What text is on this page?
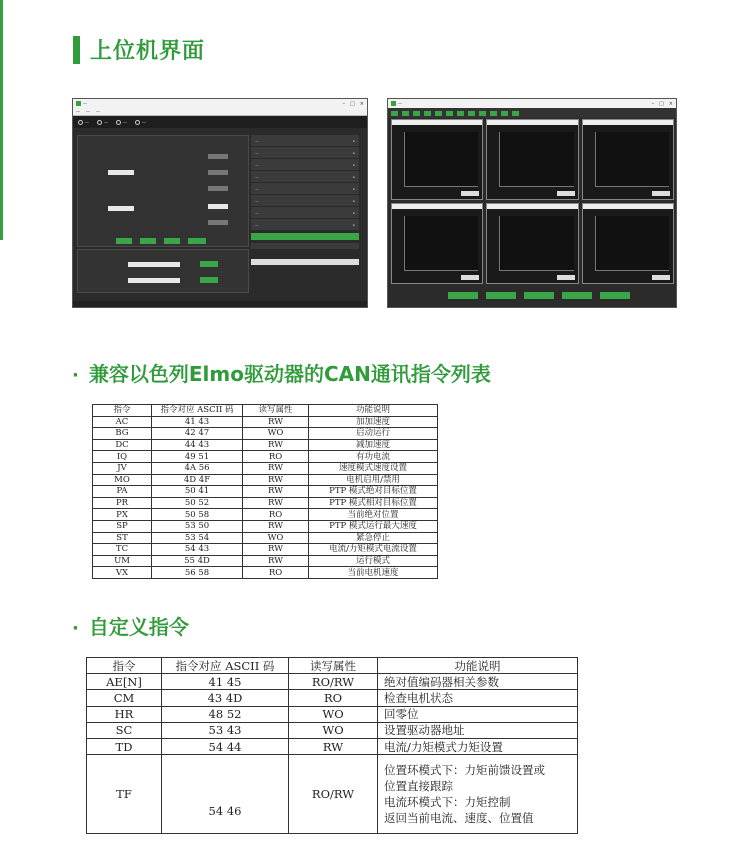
上位机界面
—	– □ ×
— — —
—	—	—	—
—	▸
—	▸
—	▸
—	▸
—	▸
—	▸
—	▸
—	▸
—	– □ ×
· 兼容以色列Elmo驱动器的CAN通讯指令列表
指令	指令对应 ASCII 码	读写属性	功能说明
AC	41 43	RW	加加速度
BG	42 47	WO	启动运行
DC	44 43	RW	减加速度
IQ	49 51	RO	有功电流
JV	4A 56	RW	速度模式速度设置
MO	4D 4F	RW	电机启用/禁用
PA	50 41	RW	PTP 模式绝对目标位置
PR	50 52	RW	PTP 模式相对目标位置
PX	50 58	RO	当前绝对位置
SP	53 50	RW	PTP 模式运行最大速度
ST	53 54	WO	紧急停止
TC	54 43	RW	电流/力矩模式电流设置
UM	55 4D	RW	运行模式
VX	56 58	RO	当前电机速度
· 自定义指令
指令	指令对应 ASCII 码	读写属性	功能说明
AE[N]	41 45	RO/RW	绝对值编码器相关参数
CM	43 4D	RO	检查电机状态
HR	48 52	WO	回零位
SC	53 43	WO	设置驱动器地址
TD	54 44	RW	电流/力矩模式力矩设置
TF	54 46	RO/RW	位置环模式下：力矩前馈设置或
位置直接跟踪
电流环模式下：力矩控制
返回当前电流、速度、位置值
